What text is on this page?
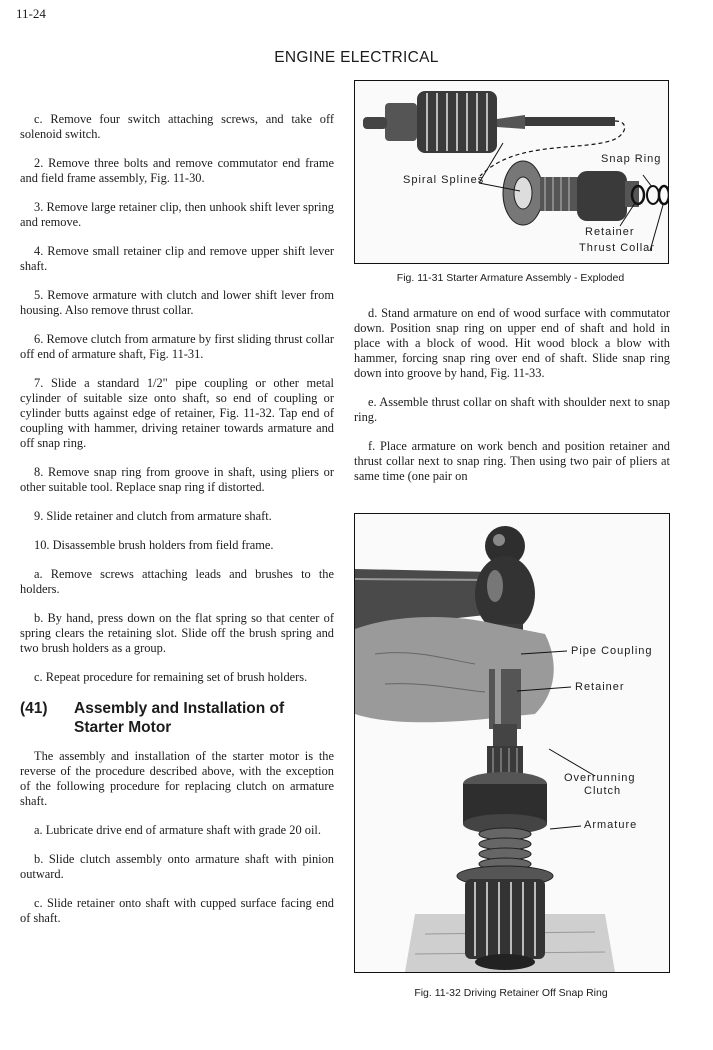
11-24
ENGINE ELECTRICAL

c. Remove four switch attaching screws, and take off solenoid switch.

2. Remove three bolts and remove commutator end frame and field frame assembly, Fig. 11-30.

3. Remove large retainer clip, then unhook shift lever spring and remove.

4. Remove small retainer clip and remove upper shift lever shaft.

5. Remove armature with clutch and lower shift lever from housing. Also remove thrust collar.

6. Remove clutch from armature by first sliding thrust collar off end of armature shaft, Fig. 11-31.

7. Slide a standard 1/2" pipe coupling or other metal cylinder of suitable size onto shaft, so end of coupling or cylinder butts against edge of retainer, Fig. 11-32. Tap end of coupling with hammer, driving retainer towards armature and off snap ring.

8. Remove snap ring from groove in shaft, using pliers or other suitable tool. Replace snap ring if distorted.

9. Slide retainer and clutch from armature shaft.

10. Disassemble brush holders from field frame.

a. Remove screws attaching leads and brushes to the holders.

b. By hand, press down on the flat spring so that center of spring clears the retaining slot. Slide off the brush spring and two brush holders as a group.

c. Repeat procedure for remaining set of brush holders.

(41)	Assembly and Installation of
Starter Motor

The assembly and installation of the starter motor is the reverse of the procedure described above, with the exception of the following procedure for replacing clutch on armature shaft.

a. Lubricate drive end of armature shaft with grade 20 oil.

b. Slide clutch assembly onto armature shaft with pinion outward.

c. Slide retainer onto shaft with cupped surface facing end of shaft.

Snap Ring
Spiral Splines
Retainer
Thrust Collar
Fig. 11-31 Starter Armature Assembly - Exploded

d. Stand armature on end of wood surface with commutator down. Position snap ring on upper end of shaft and hold in place with a block of wood. Hit wood block a blow with hammer, forcing snap ring over end of shaft. Slide snap ring down into groove by hand, Fig. 11-33.

e. Assemble thrust collar on shaft with shoulder next to snap ring.

f. Place armature on work bench and position retainer and thrust collar next to snap ring. Then using two pair of pliers at same time (one pair on

Pipe Coupling
Retainer
Overrunning
Clutch
Armature
Fig. 11-32 Driving Retainer Off Snap Ring
